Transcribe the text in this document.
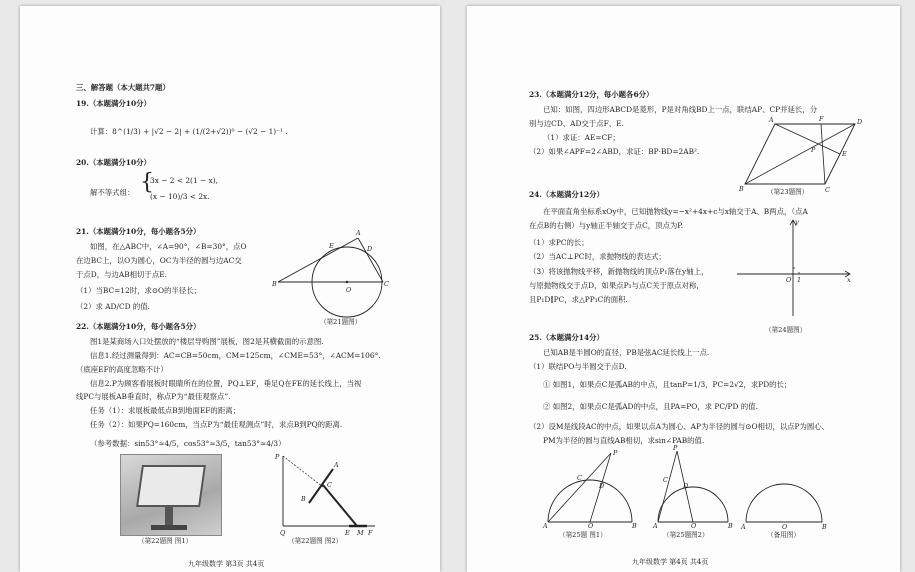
三、解答题（本大题共7题）
19.（本题满分10分）
计算：8^(1/3) + |√2 − 2| + (1/(2+√2))⁰ − (√2 − 1)⁻¹ .
20.（本题满分10分）
解不等式组： {
3x − 2 < 2(1 − x),
(x − 10)/3 < 2x.
21.（本题满分10分，每小题各5分）
如图，在△ABC中，∠A=90°，∠B=30°，点O
在边BC上，以O为圆心，OC为半径的圆与边AC交
于点D，与边AB相切于点E.
（1）当BC=12时，求⊙O的半径长；
（2）求 AD/CD 的值.
A
E	D
B
O
C
（第21题图）
22.（本题满分10分，每小题各5分）
图1是某商场入口处摆放的“楼层导购图”展板，图2是其横截面的示意图.
信息1.经过测量得到：AC=CB=50cm，CM=125cm，∠CME=53°，∠ACM=106°.
（底座EF的高度忽略不计）
信息2.P为顾客看展板时眼睛所在的位置，PQ⊥EF，垂足Q在FE的延长线上，当视
线PC与展板AB垂直时，称点P为“最佳观察点”.
任务（1）：求展板最低点B到地面EF的距离；
任务（2）：如果PQ=160cm，当点P为“最佳观测点”时，求点B到PQ的距离.
（参考数据：sin53°≈4/5，cos53°≈3/5，tan53°≈4/3）
（第22题图 图1）
P
A
C
B
Q	E M F
（第22题图 图2）
九年级数学 第3页 共4页
23.（本题满分12分，每小题各6分）
已知：如图，四边形ABCD是菱形，P是对角线BD上一点，联结AP、CP并延长，分
别与边CD、AD交于点F、E.
（1）求证：AE=CF；
（2）如果∠APF=2∠ABD，求证：BP·BD=2AB².
A	F	D
P	E
B	C
（第23题图）
24.（本题满分12分）
在平面直角坐标系xOy中，已知抛物线y=−x²+4x+c与x轴交于A、B两点，（点A
在点B的右侧）与y轴正半轴交于点C，顶点为P.
（1）求PC的长；
（2）当AC⊥PC时，求抛物线的表达式；
（3）将该抛物线平移，新抛物线的顶点P₁落在y轴上，
与原抛物线交于点D，如果点P₁与点C关于原点对称，
且P₁D∥PC，求△PP₁C的面积.
y
O 1	x
（第24题图）
25.（本题满分14分）
已知AB是半圆O的直径，PB是弦AC延长线上一点.
（1）联结PO与半圆交于点D.
① 如图1，如果点C是弧AB的中点，且tanP=1/3，PC=2√2，求PD的长；
② 如图2，如果点C是弧AD的中点，且PA=PO，求 PC/PD 的值.
（2）设M是线段AC的中点，如果以点A为圆心、AP为半径的圆与⊙O相切，以点P为圆心、
PM为半径的圆与直线AB相切，求sin∠PAB的值.
P
C
D
A	O	B
（第25题 图1）
P
C
D
A	O	B
（第25题图2）
A	O	B
（备用图）
九年级数学 第4页 共4页
